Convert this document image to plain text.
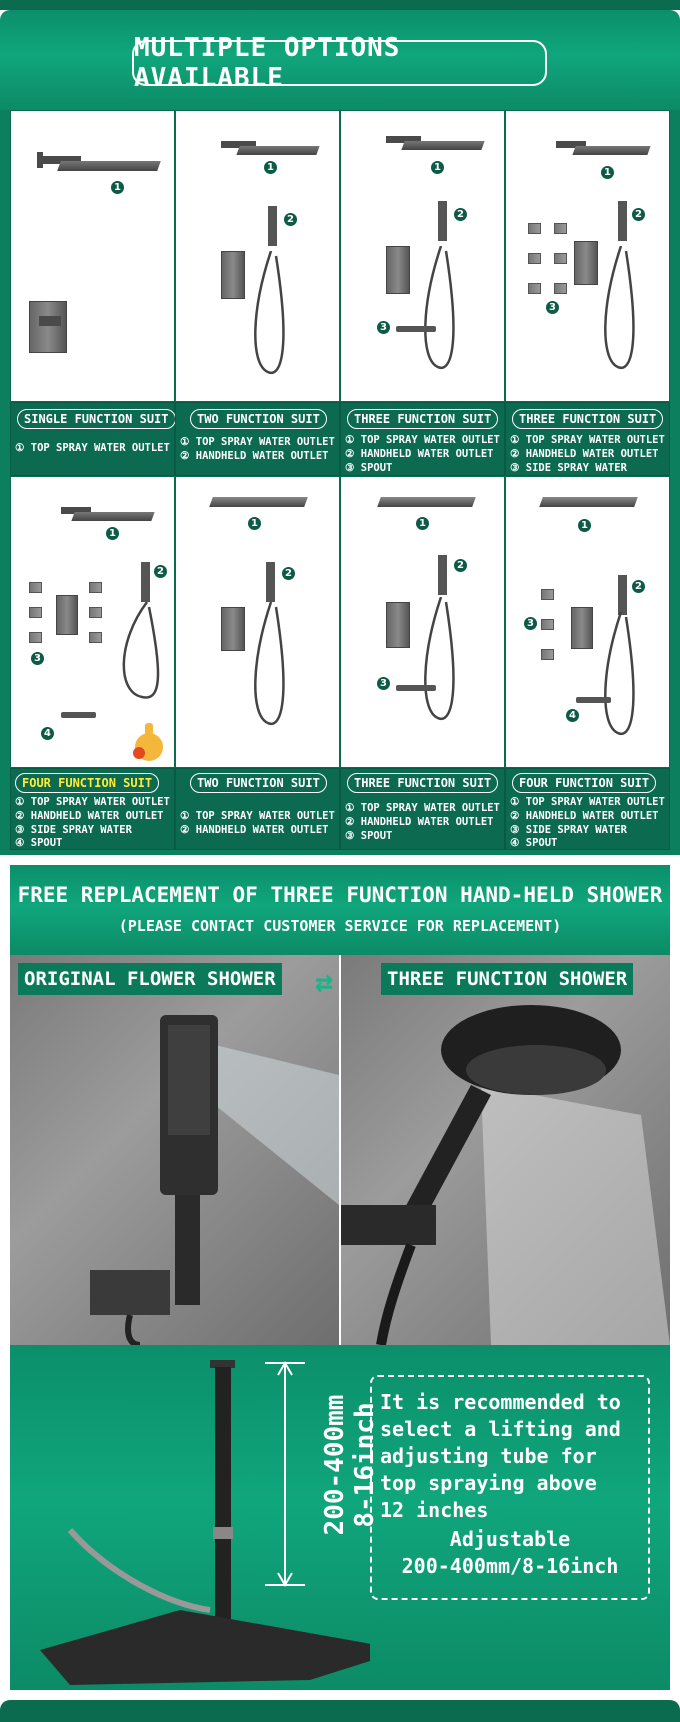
MULTIPLE OPTIONS AVAILABLE
1
1
2
1
2
3
1
2
3
SINGLE FUNCTION SUIT
① TOP SPRAY WATER OUTLET
TWO FUNCTION SUIT
① TOP SPRAY WATER OUTLET
② HANDHELD WATER OUTLET
THREE FUNCTION SUIT
① TOP SPRAY WATER OUTLET
② HANDHELD WATER OUTLET
③ SPOUT
THREE FUNCTION SUIT
① TOP SPRAY WATER OUTLET
② HANDHELD WATER OUTLET
③ SIDE SPRAY WATER
1
3
2
4
1
2
1
2
3
1
3
2
4
FOUR FUNCTION SUIT
① TOP SPRAY WATER OUTLET
② HANDHELD WATER OUTLET
③ SIDE SPRAY WATER
④ SPOUT
TWO FUNCTION SUIT
① TOP SPRAY WATER OUTLET
② HANDHELD WATER OUTLET
THREE FUNCTION SUIT
① TOP SPRAY WATER OUTLET
② HANDHELD WATER OUTLET
③ SPOUT
FOUR FUNCTION SUIT
① TOP SPRAY WATER OUTLET
② HANDHELD WATER OUTLET
③ SIDE SPRAY WATER
④ SPOUT
FREE REPLACEMENT OF THREE FUNCTION HAND-HELD SHOWER
(PLEASE CONTACT CUSTOMER SERVICE FOR REPLACEMENT)
ORIGINAL FLOWER SHOWER	THREE FUNCTION SHOWER
⇄
200-400mm 8-16inch
It is recommended to
select a lifting and
adjusting tube for
top spraying above
12 inches
Adjustable
200-400mm/8-16inch
